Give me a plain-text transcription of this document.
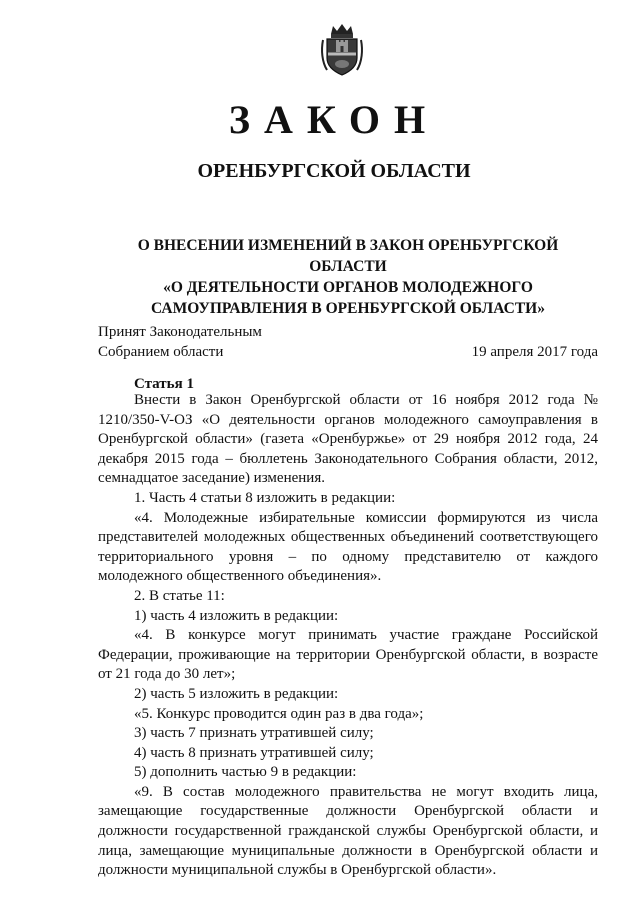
ЗАКОН
ОРЕНБУРГСКОЙ ОБЛАСТИ
О ВНЕСЕНИИ ИЗМЕНЕНИЙ В ЗАКОН ОРЕНБУРГСКОЙ ОБЛАСТИ
«О ДЕЯТЕЛЬНОСТИ ОРГАНОВ МОЛОДЕЖНОГО
САМОУПРАВЛЕНИЯ В ОРЕНБУРГСКОЙ ОБЛАСТИ»
Принят Законодательным
Собранием области	19 апреля 2017 года
Статья 1

Внести в Закон Оренбургской области от 16 ноября 2012 года № 1210/350-V-ОЗ «О деятельности органов молодежного самоуправления в Оренбургской области» (газета «Оренбуржье» от 29 ноября 2012 года, 24 декабря 2015 года – бюллетень Законодательного Собрания области, 2012, семнадцатое заседание) изменения.

1. Часть 4 статьи 8 изложить в редакции:

«4. Молодежные избирательные комиссии формируются из числа представителей молодежных общественных объединений соответствующего территориального уровня – по одному представителю от каждого молодежного общественного объединения».

2. В статье 11:

1) часть 4 изложить в редакции:

«4. В конкурсе могут принимать участие граждане Российской Федерации, проживающие на территории Оренбургской области, в возрасте от 21 года до 30 лет»;

2) часть 5 изложить в редакции:

«5. Конкурс проводится один раз в два года»;

3) часть 7 признать утратившей силу;

4) часть 8 признать утратившей силу;

5) дополнить частью 9 в редакции:

«9. В состав молодежного правительства не могут входить лица, замещающие государственные должности Оренбургской области и должности государственной гражданской службы Оренбургской области, и лица, замещающие муниципальные должности в Оренбургской области и должности муниципальной службы в Оренбургской области».
